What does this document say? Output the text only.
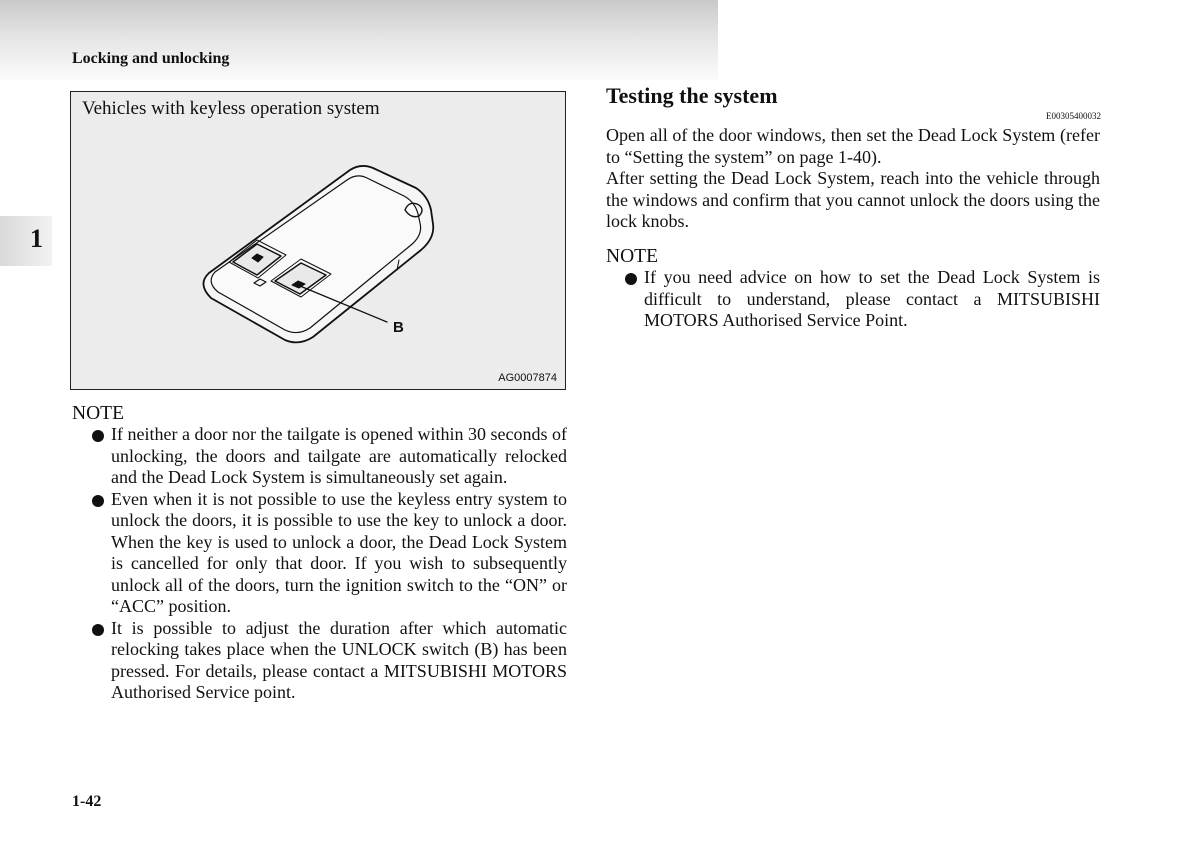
Locking and unlocking
1
Vehicles with keyless operation system
B
AG0007874
NOTE
If neither a door nor the tailgate is opened within 30 seconds of unlocking, the doors and tailgate are automatically relocked and the Dead Lock System is simultaneously set again.
Even when it is not possible to use the keyless entry system to unlock the doors, it is possible to use the key to unlock a door. When the key is used to unlock a door, the Dead Lock System is cancelled for only that door. If you wish to subsequently unlock all of the doors, turn the ignition switch to the “ON” or “ACC” position.
It is possible to adjust the duration after which automatic relocking takes place when the UNLOCK switch (B) has been pressed. For details, please contact a MITSUBISHI MOTORS Authorised Service point.
Testing the system
E00305400032
Open all of the door windows, then set the Dead Lock System (refer to “Setting the system” on page 1-40).
After setting the Dead Lock System, reach into the vehicle through the windows and confirm that you cannot unlock the doors using the lock knobs.
NOTE
If you need advice on how to set the Dead Lock System is difficult to understand, please contact a MITSUBISHI MOTORS Authorised Service Point.
1-42
